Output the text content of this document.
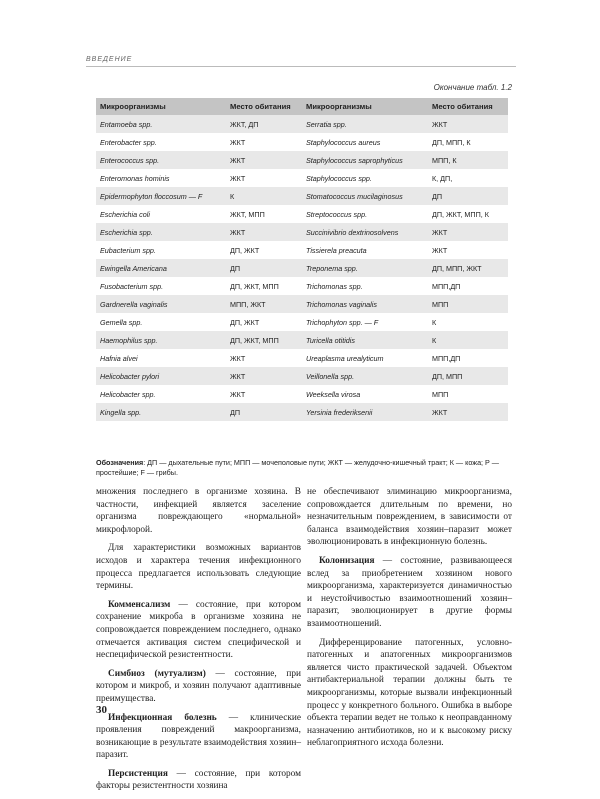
ВВЕДЕНИЕ
Окончание табл. 1.2
Микроорганизмы	Место обитания	Микроорганизмы	Место обитания
Entamoeba spp.	ЖКТ, ДП	Serratia spp.	ЖКТ
Enterobacter spp.	ЖКТ	Staphylococcus aureus	ДП, МПП, К
Enterococcus spp.	ЖКТ	Staphylococcus saprophyticus	МПП, К
Enteromonas hominis	ЖКТ	Staphylococcus spp.	К, ДП,
Epidermophyton floccosum — F	К	Stomatococcus mucilaginosus	ДП
Escherichia coli	ЖКТ, МПП	Streptococcus spp.	ДП, ЖКТ, МПП, К
Escherichia spp.	ЖКТ	Succinivibrio dextrinosolvens	ЖКТ
Eubacterium spp.	ДП, ЖКТ	Tissierela preacuta	ЖКТ
Ewingella Americana	ДП	Treponema spp.	ДП, МПП, ЖКТ
Fusobacterium spp.	ДП, ЖКТ, МПП	Trichomonas spp.	МПП,ДП
Gardnerella vaginalis	МПП, ЖКТ	Trichomonas vaginalis	МПП
Gemella spp.	ДП, ЖКТ	Trichophyton spp. — F	К
Haemophilus spp.	ДП, ЖКТ, МПП	Turicella otitidis	К
Hafnia alvei	ЖКТ	Ureaplasma urealyticum	МПП,ДП
Helicobacter pylori	ЖКТ	Veillonella spp.	ДП, МПП
Helicobacter spp.	ЖКТ	Weeksella virosa	МПП
Kingella spp.	ДП	Yersinia frederiksenii	ЖКТ
Обозначения: ДП — дыхательные пути; МПП — мочеполовые пути; ЖКТ — желудочно-кишечный тракт; К — кожа; P — простейшие; F — грибы.

множения последнего в организме хозяина. В частности, инфекцией является заселение организма повреждающего «нормальной» микрофлорой.

Для характеристики возможных вариантов исходов и характера течения инфекционного процесса предлагается использовать следующие термины.

Комменсализм — состояние, при котором сохранение микроба в организме хозяина не сопровождается повреждением последнего, однако отмечается активация систем специфической и неспецифической резистентности.

Симбиоз (мутуализм) — состояние, при котором и микроб, и хозяин получают адаптивные преимущества.

Инфекционная болезнь — клинические проявления повреждений макроорганизма, возникающие в результате взаимодействия хозяин–паразит.

Персистенция — состояние, при котором факторы резистентности хозяина

не обеспечивают элиминацию микроорганизма, сопровождается длительным по времени, но незначительным повреждением, в зависимости от баланса взаимодействия хозяин–паразит может эволюционировать в инфекционную болезнь.

Колонизация — состояние, развивающееся вслед за приобретением хозяином нового микроорганизма, характеризуется динамичностью и неустойчивостью взаимоотношений хозяин–паразит, эволюционирует в другие формы взаимоотношений.

Дифференцирование патогенных, условно-патогенных и апатогенных микроорганизмов является чисто практической задачей. Объектом антибактериальной терапии должны быть те микроорганизмы, которые вызвали инфекционный процесс у конкретного больного. Ошибка в выборе объекта терапии ведет не только к неоправданному назначению антибиотиков, но и к высокому риску неблагоприятного исхода болезни.

30
